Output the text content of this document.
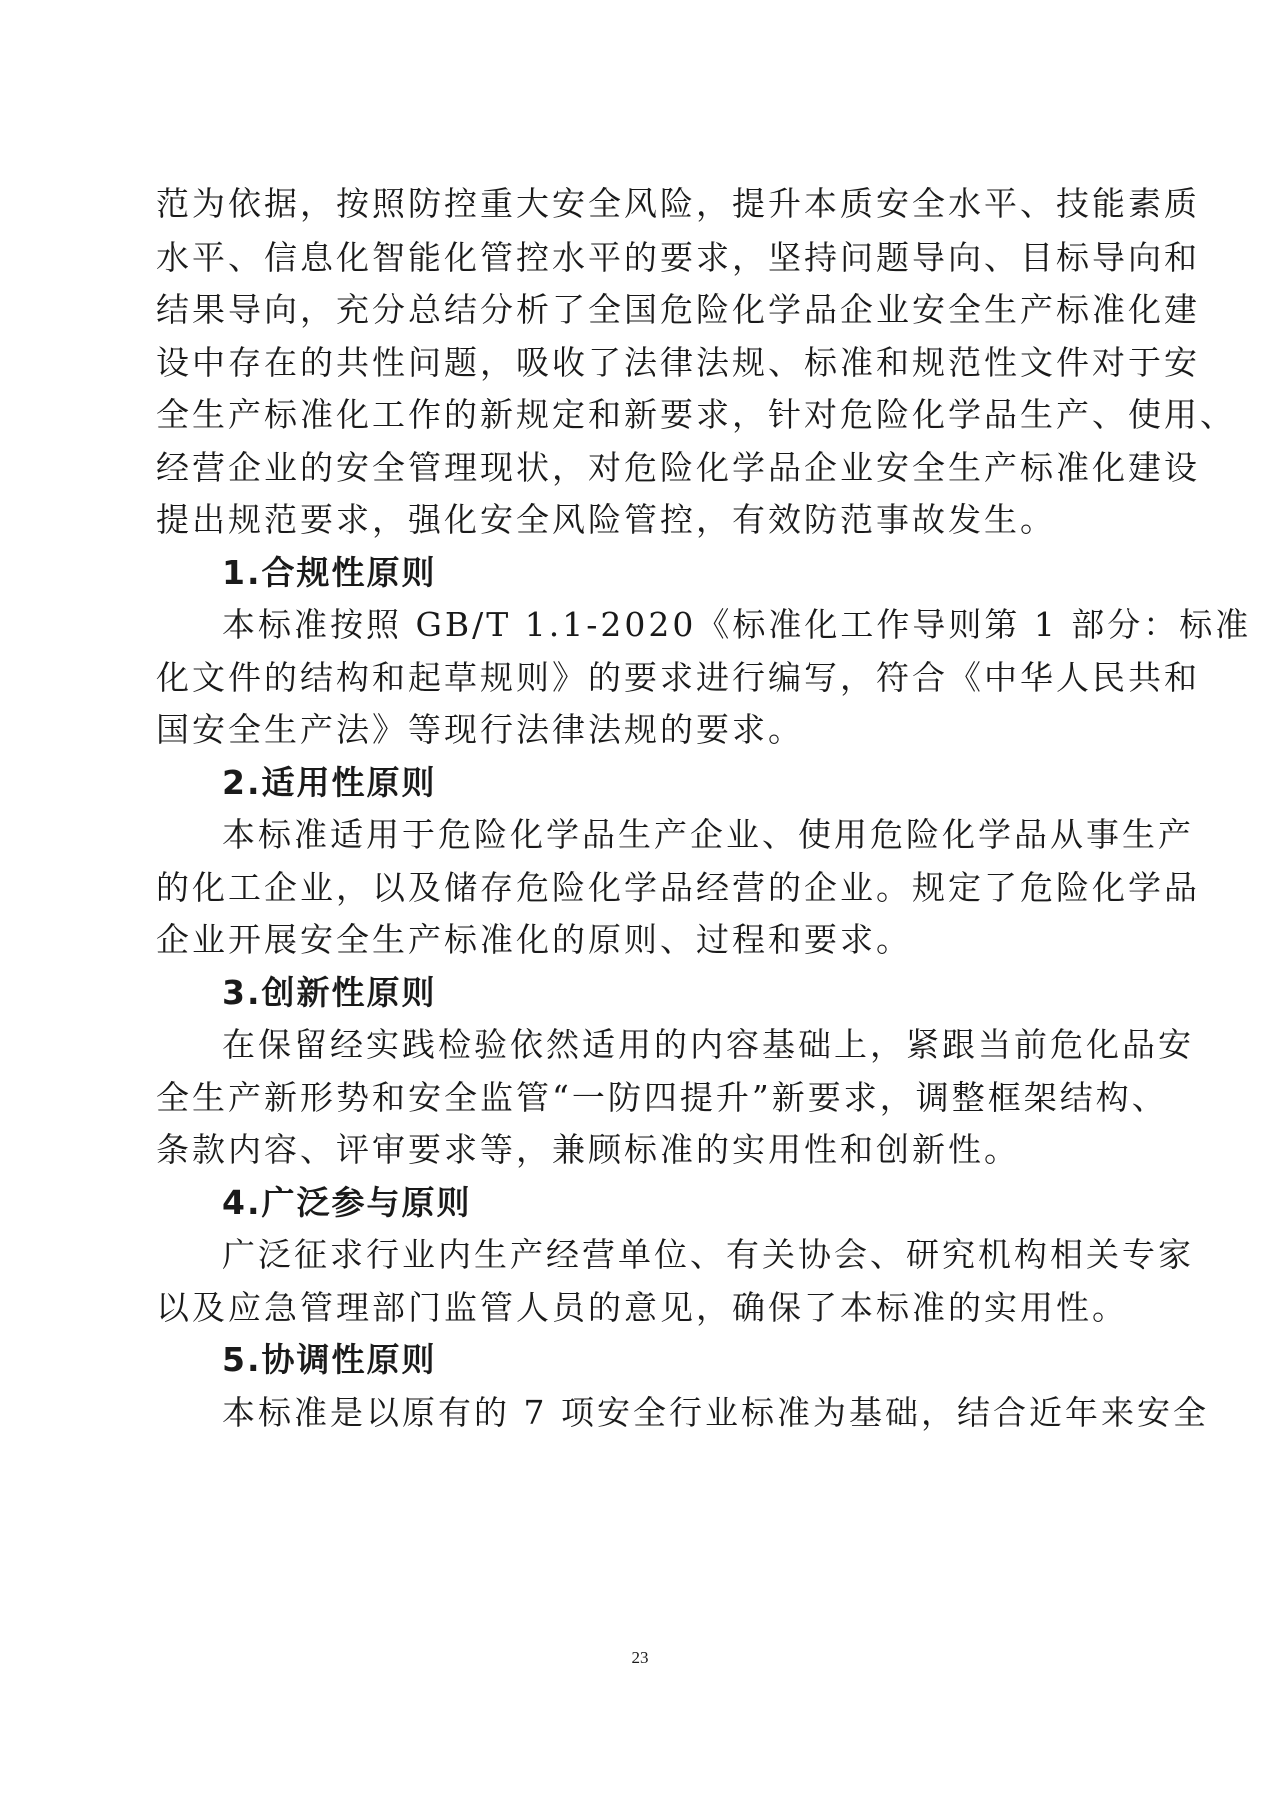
范为依据，按照防控重大安全风险，提升本质安全水平、技能素质
水平、信息化智能化管控水平的要求，坚持问题导向、目标导向和
结果导向，充分总结分析了全国危险化学品企业安全生产标准化建
设中存在的共性问题，吸收了法律法规、标准和规范性文件对于安
全生产标准化工作的新规定和新要求，针对危险化学品生产、使用、
经营企业的安全管理现状，对危险化学品企业安全生产标准化建设
提出规范要求，强化安全风险管控，有效防范事故发生。
1.合规性原则
本标准按照 GB/T 1.1-2020《标准化工作导则第 1 部分：标准
化文件的结构和起草规则》的要求进行编写，符合《中华人民共和
国安全生产法》等现行法律法规的要求。
2.适用性原则
本标准适用于危险化学品生产企业、使用危险化学品从事生产
的化工企业，以及储存危险化学品经营的企业。规定了危险化学品
企业开展安全生产标准化的原则、过程和要求。
3.创新性原则
在保留经实践检验依然适用的内容基础上，紧跟当前危化品安
全生产新形势和安全监管“一防四提升”新要求，调整框架结构、
条款内容、评审要求等，兼顾标准的实用性和创新性。
4.广泛参与原则
广泛征求行业内生产经营单位、有关协会、研究机构相关专家
以及应急管理部门监管人员的意见，确保了本标准的实用性。
5.协调性原则
本标准是以原有的 7 项安全行业标准为基础，结合近年来安全
23
